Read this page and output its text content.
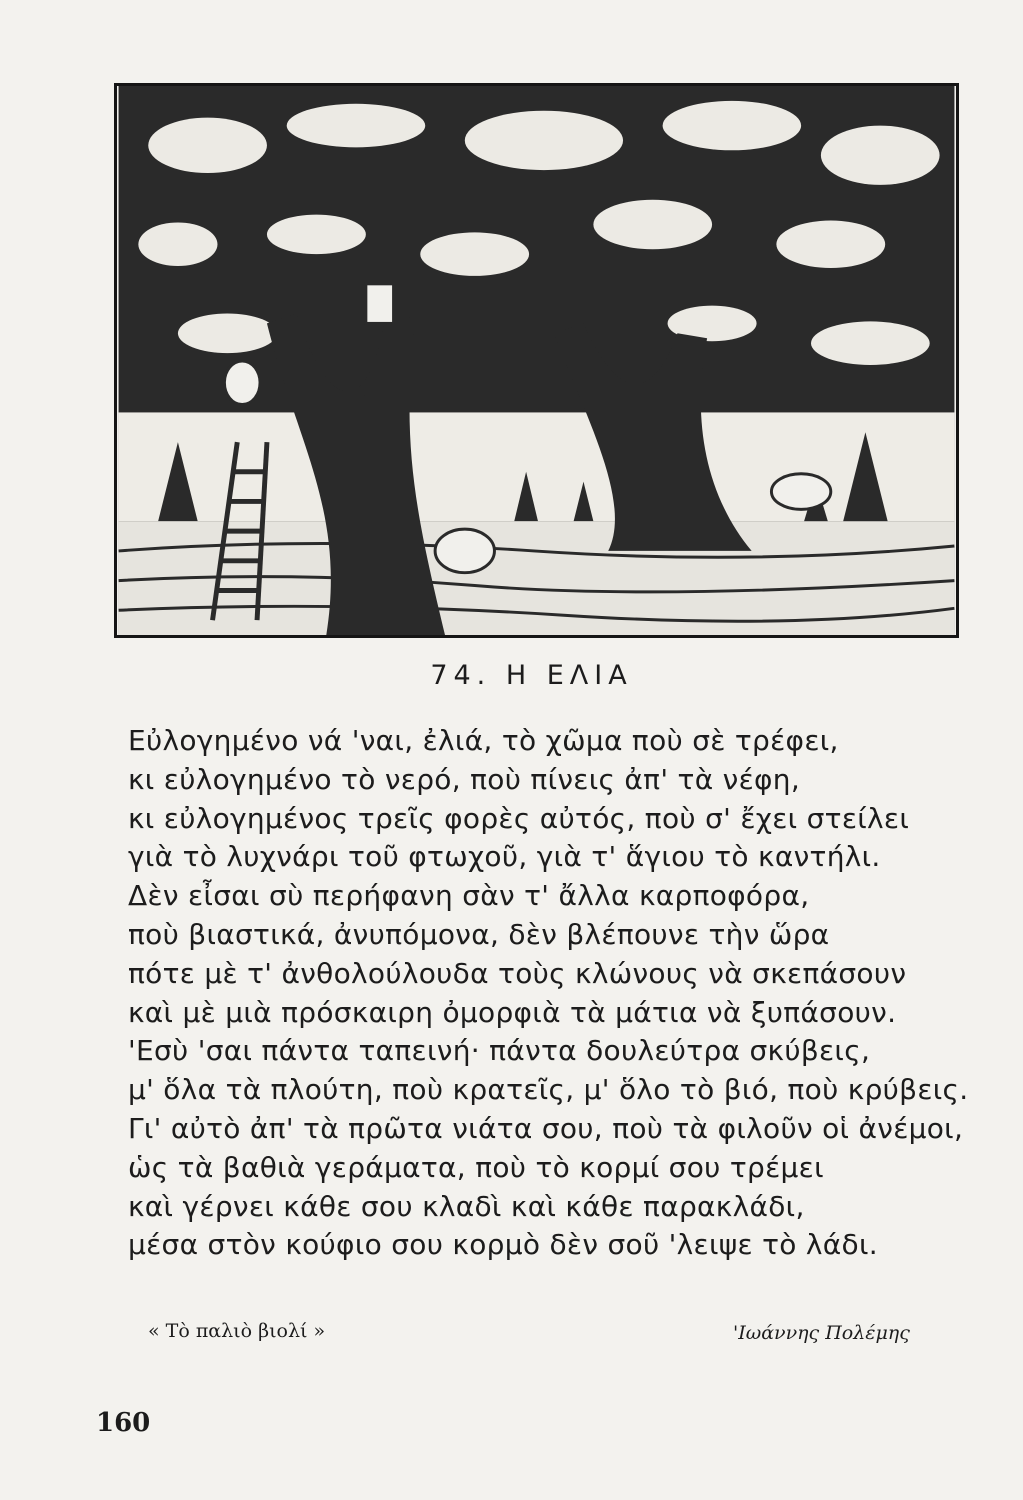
74. Η ΕΛΙΑ
Εὐλογημένο νά 'ναι, ἐλιά, τὸ χῶμα ποὺ σὲ τρέφει,
κι εὐλογημένο τὸ νερό, ποὺ πίνεις ἀπ' τὰ νέφη,
κι εὐλογημένος τρεῖς φορὲς αὐτός, ποὺ σ' ἔχει στείλει
γιὰ τὸ λυχνάρι τοῦ φτωχοῦ, γιὰ τ' ἅγιου τὸ καντήλι.
Δὲν εἶσαι σὺ περήφανη σὰν τ' ἄλλα καρποφόρα,
ποὺ βιαστικά, ἀνυπόμονα, δὲν βλέπουνε τὴν ὥρα
πότε μὲ τ' ἀνθολούλουδα τοὺς κλώνους νὰ σκεπάσουν
καὶ μὲ μιὰ πρόσκαιρη ὀμορφιὰ τὰ μάτια νὰ ξυπάσουν.
'Εσὺ 'σαι πάντα ταπεινή· πάντα δουλεύτρα σκύβεις,
μ' ὅλα τὰ πλούτη, ποὺ κρατεῖς, μ' ὅλο τὸ βιό, ποὺ κρύβεις.
Γι' αὐτὸ ἀπ' τὰ πρῶτα νιάτα σου, ποὺ τὰ φιλοῦν οἱ ἀνέμοι,
ὡς τὰ βαθιὰ γεράματα, ποὺ τὸ κορμί σου τρέμει
καὶ γέρνει κάθε σου κλαδὶ καὶ κάθε παρακλάδι,
μέσα στὸν κούφιο σου κορμὸ δὲν σοῦ 'λειψε τὸ λάδι.
« Τὸ παλιὸ βιολί »	'Ιωάννης Πολέμης
160
